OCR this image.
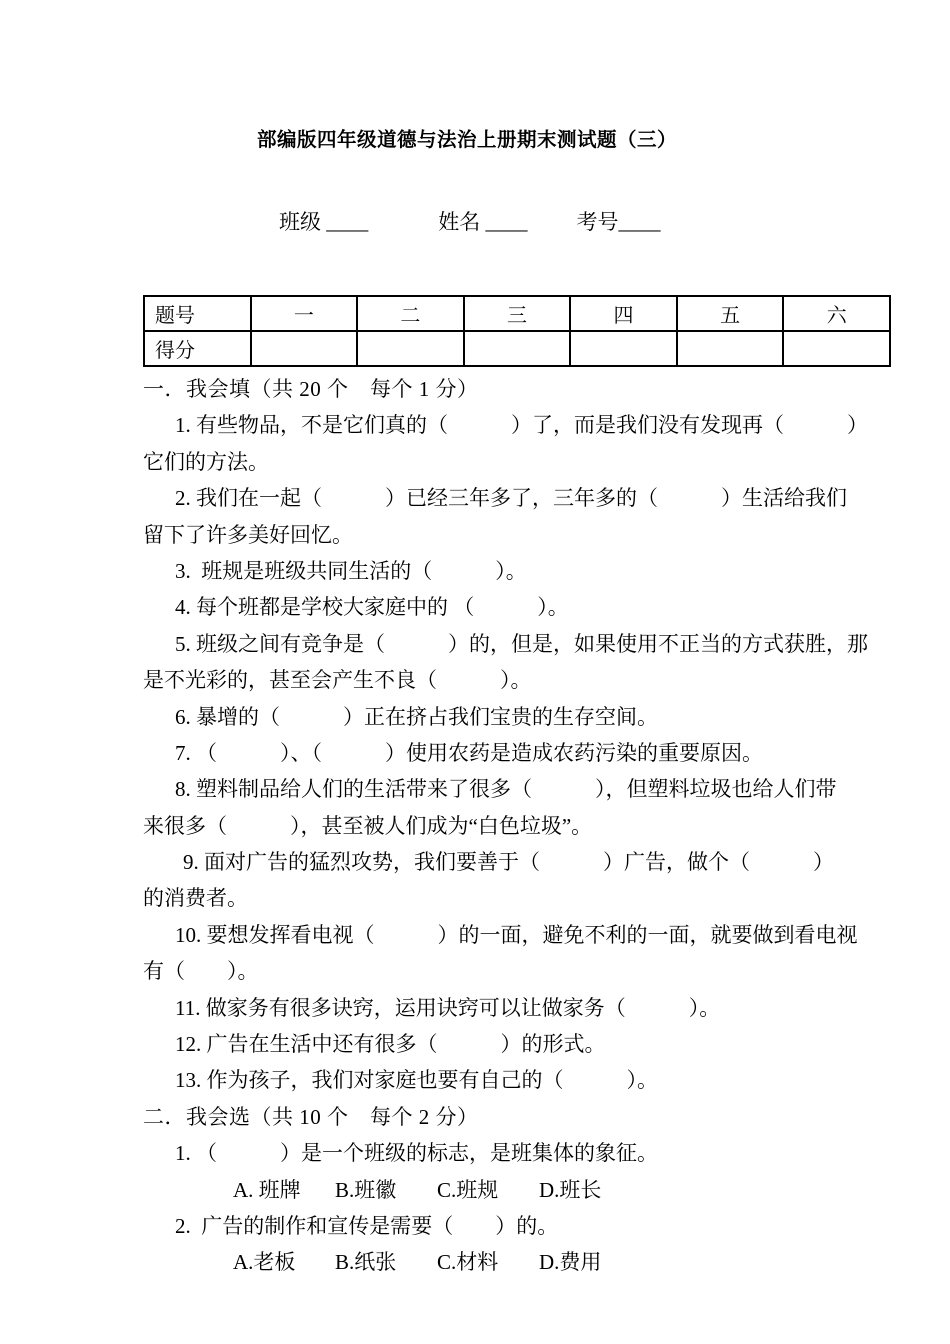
部编版四年级道德与法治上册期末测试题（三）

班级 ____	姓名 ____ 考号____

题号	一	二	三	四	五	六
得分						
一．我会填（共 20 个　每个 1 分）
1. 有些物品，不是它们真的（　　　）了，而是我们没有发现再（　　　）
它们的方法。
2. 我们在一起（　　　）已经三年多了，三年多的（　　　）生活给我们
留下了许多美好回忆。
3.  班规是班级共同生活的（　　　）。
4. 每个班都是学校大家庭中的 （　　　）。
5. 班级之间有竞争是（　　　）的，但是，如果使用不正当的方式获胜，那
是不光彩的，甚至会产生不良（　　　）。
6. 暴增的（　　　）正在挤占我们宝贵的生存空间。
7. （　　　）、（　　　）使用农药是造成农药污染的重要原因。
8. 塑料制品给人们的生活带来了很多（　　　），但塑料垃圾也给人们带
来很多（　　　），甚至被人们成为“白色垃圾”。
9. 面对广告的猛烈攻势，我们要善于（　　　）广告，做个（　　　）
的消费者。
10. 要想发挥看电视（　　　）的一面，避免不利的一面，就要做到看电视
有（　　）。
11. 做家务有很多诀窍，运用诀窍可以让做家务（　　　）。
12. 广告在生活中还有很多（　　　）的形式。
13. 作为孩子，我们对家庭也要有自己的（　　　）。
二．我会选（共 10 个　每个 2 分）
1. （　　　）是一个班级的标志，是班集体的象征。
A. 班牌 B.班徽 C.班规 D.班长
2.  广告的制作和宣传是需要（　　）的。
A.老板 B.纸张 C.材料 D.费用
